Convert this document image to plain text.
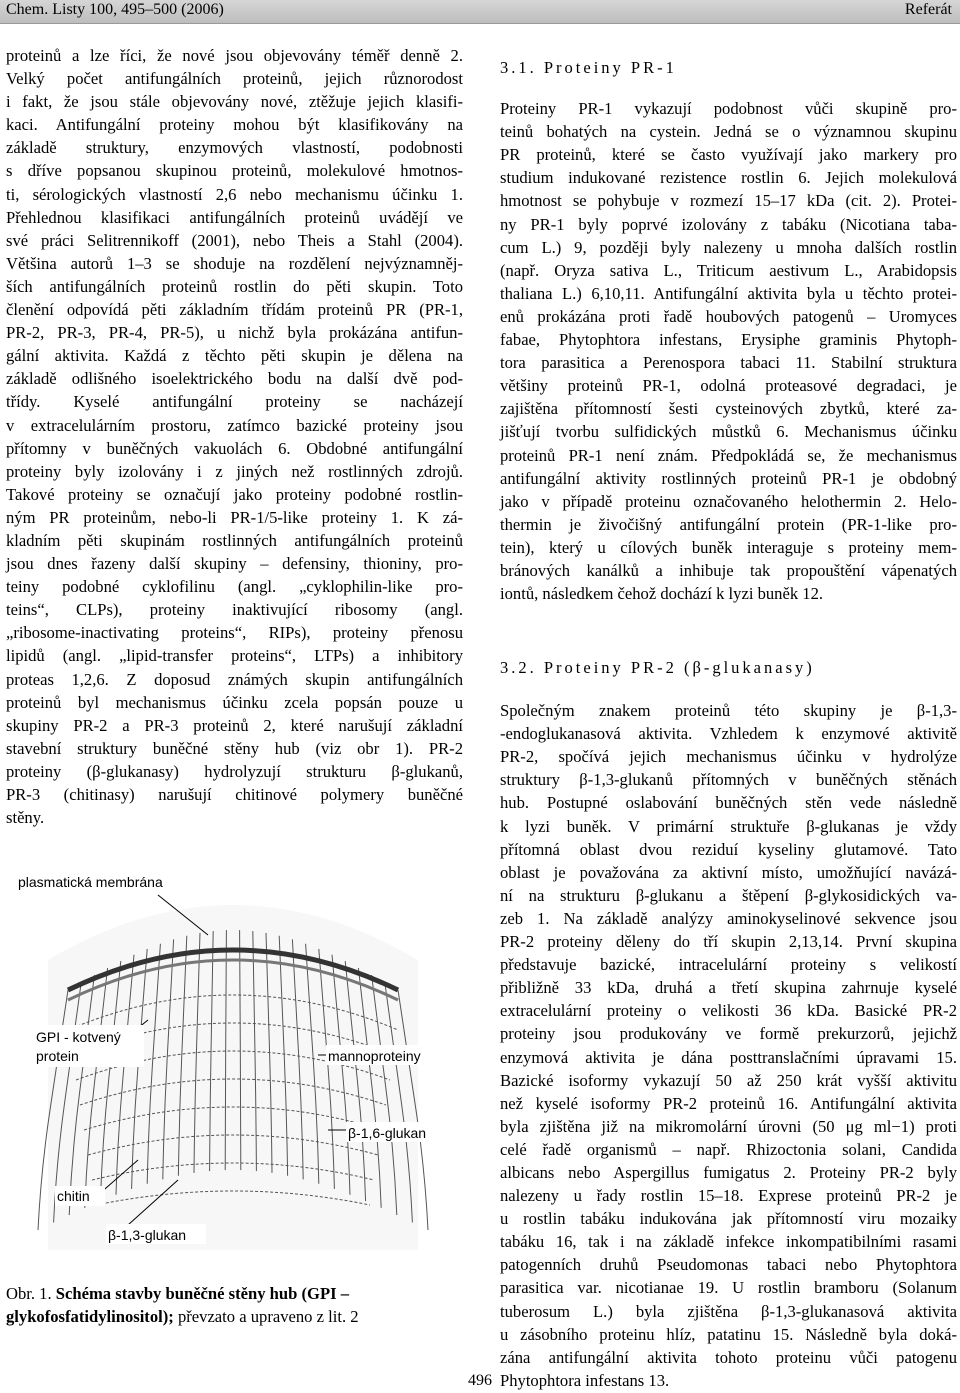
Chem. Listy 100, 495–500 (2006)	Referát

proteinů a lze říci, že nové jsou objevovány téměř denně 2.

Velký počet antifungálních proteinů, jejich různorodost

i fakt, že jsou stále objevovány nové, ztěžuje jejich klasifi-

kaci. Antifungální proteiny mohou být klasifikovány na

základě struktury, enzymových vlastností, podobnosti

s dříve popsanou skupinou proteinů, molekulové hmotnos-

ti, sérologických vlastností 2,6 nebo mechanismu účinku 1.

Přehlednou klasifikaci antifungálních proteinů uvádějí ve

své práci Selitrennikoff (2001), nebo Theis a Stahl (2004).

Většina autorů 1–3 se shoduje na rozdělení nejvýznamněj-

ších antifungálních proteinů rostlin do pěti skupin. Toto

členění odpovídá pěti základním třídám proteinů PR (PR-1,

PR-2, PR-3, PR-4, PR-5), u nichž byla prokázána antifun-

gální aktivita. Každá z těchto pěti skupin je dělena na

základě odlišného isoelektrického bodu na další dvě pod-

třídy. Kyselé antifungální proteiny se nacházejí

v extracelulárním prostoru, zatímco bazické proteiny jsou

přítomny v buněčných vakuolách 6. Obdobné antifungální

proteiny byly izolovány i z jiných než rostlinných zdrojů.

Takové proteiny se označují jako proteiny podobné rostlin-

ným PR proteinům, nebo-li PR-1/5-like proteiny 1. K zá-

kladním pěti skupinám rostlinných antifungálních proteinů

jsou dnes řazeny další skupiny – defensiny, thioniny, pro-

teiny podobné cyklofilinu (angl. „cyklophilin-like pro-

teins“, CLPs), proteiny inaktivující ribosomy (angl.

„ribosome-inactivating proteins“, RIPs), proteiny přenosu

lipidů (angl. „lipid-transfer proteins“, LTPs) a inhibitory

proteas 1,2,6. Z doposud známých skupin antifungálních

proteinů byl mechanismus účinku zcela popsán pouze u

skupiny PR-2 a PR-3 proteinů 2, které narušují základní

stavební struktury buněčné stěny hub (viz obr 1). PR-2

proteiny (β-glukanasy) hydrolyzují strukturu β-glukanů,

PR-3 (chitinasy) narušují chitinové polymery buněčné

stěny.

3.1. Proteiny PR-1

Proteiny PR-1 vykazují podobnost vůči skupině pro-

teinů bohatých na cystein. Jedná se o významnou skupinu

PR proteinů, které se často využívají jako markery pro

studium indukované rezistence rostlin 6. Jejich molekulová

hmotnost se pohybuje v rozmezí 15–17 kDa (cit. 2). Protei-

ny PR-1 byly poprvé izolovány z tabáku (Nicotiana taba-

cum L.) 9, později byly nalezeny u mnoha dalších rostlin

(např. Oryza sativa L., Triticum aestivum L., Arabidopsis

thaliana L.) 6,10,11. Antifungální aktivita byla u těchto protei-

enů prokázána proti řadě houbových patogenů – Uromyces

fabae, Phytophtora infestans, Erysiphe graminis Phytoph-

tora parasitica a Perenospora tabaci 11. Stabilní struktura

většiny proteinů PR-1, odolná proteasové degradaci, je

zajištěna přítomností šesti cysteinových zbytků, které za-

jišťují tvorbu sulfidických můstků 6. Mechanismus účinku

proteinů PR-1 není znám. Předpokládá se, že mechanismus

antifungální aktivity rostlinných proteinů PR-1 je obdobný

jako v případě proteinu označovaného helothermin 2. Helo-

thermin je živočišný antifungální protein (PR-1-like pro-

tein), který u cílových buněk interaguje s proteiny mem-

bránových kanálků a inhibuje tak propouštění vápenatých

iontů, následkem čehož dochází k lyzi buněk 12.

3.2. Proteiny PR-2 (β-glukanasy)

Společným znakem proteinů této skupiny je β-1,3-

-endoglukanasová aktivita. Vzhledem k enzymové aktivitě

PR-2, spočívá jejich mechanismus účinku v hydrolýze

struktury β-1,3-glukanů přítomných v buněčných stěnách

hub. Postupné oslabování buněčných stěn vede následně

k lyzi buněk. V primární struktuře β-glukanas je vždy

přítomná oblast dvou reziduí kyseliny glutamové. Tato

oblast je považována za aktivní místo, umožňující navázá-

ní na strukturu β-glukanu a štěpení β-glykosidických va-

zeb 1. Na základě analýzy aminokyselinové sekvence jsou

PR-2 proteiny děleny do tří skupin 2,13,14. První skupina

představuje bazické, intracelulární proteiny s velikostí

přibližně 33 kDa, druhá a třetí skupina zahrnuje kyselé

extracelulární proteiny o velikosti 36 kDa. Basické PR-2

proteiny jsou produkovány ve formě prekurzorů, jejichž

enzymová aktivita je dána posttranslačními úpravami 15.

Bazické isoformy vykazují 50 až 250 krát vyšší aktivitu

než kyselé isoformy PR-2 proteinů 16. Antifungální aktivita

byla zjištěna již na mikromolární úrovni (50 μg ml−1) proti

celé řadě organismů – např. Rhizoctonia solani, Candida

albicans nebo Aspergillus fumigatus 2. Proteiny PR-2 byly

nalezeny u řady rostlin 15–18. Exprese proteinů PR-2 je

u rostlin tabáku indukována jak přítomností viru mozaiky

tabáku 16, tak i na základě infekce inkompatibilními rasami

patogenních druhů Pseudomonas tabaci nebo Phytophtora

parasitica var. nicotianae 19. U rostlin bramboru (Solanum

tuberosum L.) byla zjištěna β-1,3-glukanasová aktivita

u zásobního proteinu hlíz, patatinu 15. Následně byla doká-

zána antifungální aktivita tohoto proteinu vůči patogenu

Phytophtora infestans 13.

plasmatická membrána
GPI - kotvený
protein	mannoproteiny
β-1,6-glukan
chitin
β-1,3-glukan

Obr. 1. Schéma stavby buněčné stěny hub (GPI – glykofosfatidylinositol); převzato a upraveno z lit. 2

496
